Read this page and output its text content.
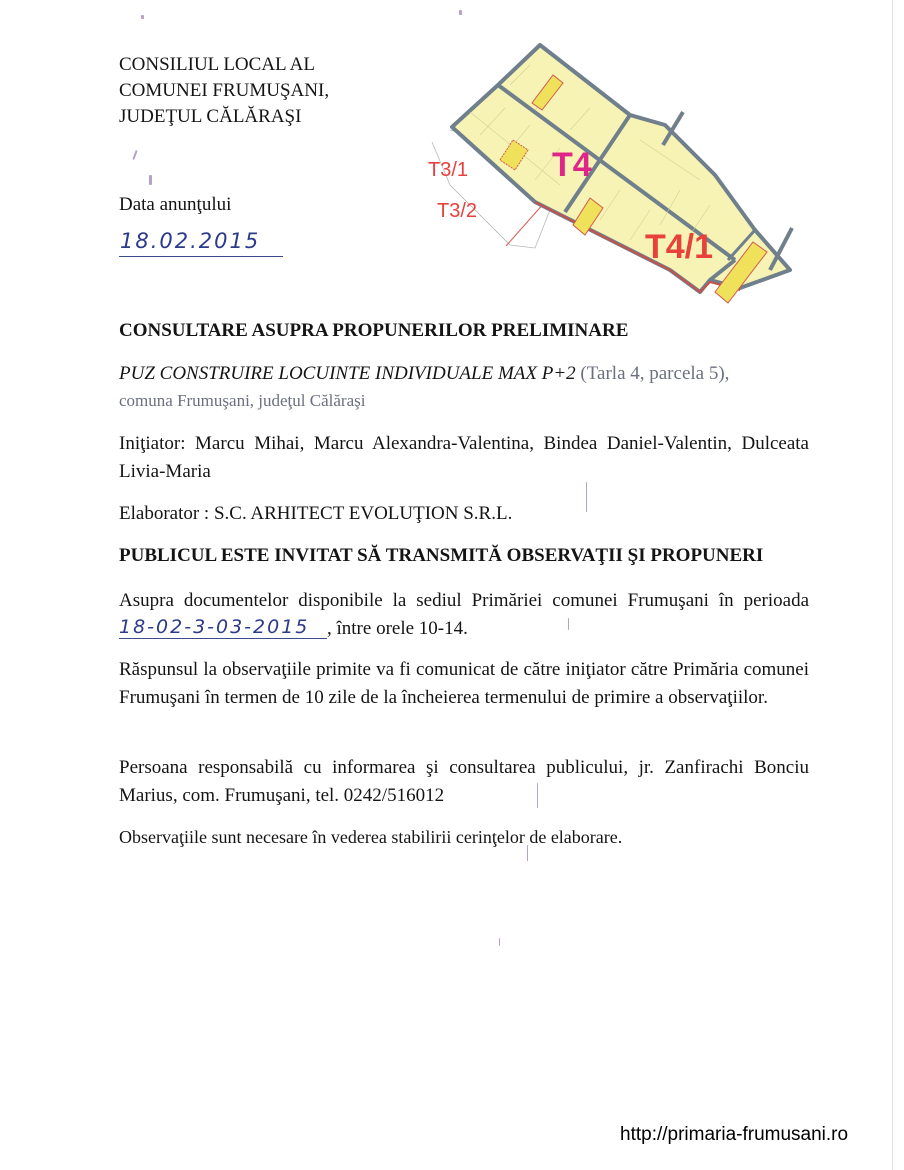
CONSILIUL LOCAL AL
COMUNEI FRUMUŞANI,
JUDEŢUL CĂLĂRAŞI
Data anunţului
18.02.2015
T3/1
T3/2
T4
T4/1
CONSULTARE ASUPRA PROPUNERILOR PRELIMINARE
PUZ CONSTRUIRE LOCUINTE INDIVIDUALE MAX P+2 (Tarla 4, parcela 5),
comuna Frumuşani, judeţul Călăraşi
Iniţiator: Marcu Mihai, Marcu Alexandra-Valentina, Bindea Daniel-Valentin, Dulceata Livia-Maria
Elaborator : S.C. ARHITECT EVOLUŢION S.R.L.
PUBLICUL ESTE INVITAT SĂ TRANSMITĂ OBSERVAŢII ŞI PROPUNERI
Asupra documentelor disponibile la sediul Primăriei comunei Frumuşani în perioada18-02-3-03-2015 , între orele 10-14.
Răspunsul la observaţiile primite va fi comunicat de către iniţiator către Primăria comunei Frumuşani în termen de 10 zile de la încheierea termenului de primire a observaţiilor.
Persoana responsabilă cu informarea şi consultarea publicului, jr. Zanfirachi Bonciu Marius, com. Frumuşani, tel. 0242/516012
Observaţiile sunt necesare în vederea stabilirii cerinţelor de elaborare.
http://primaria-frumusani.ro
